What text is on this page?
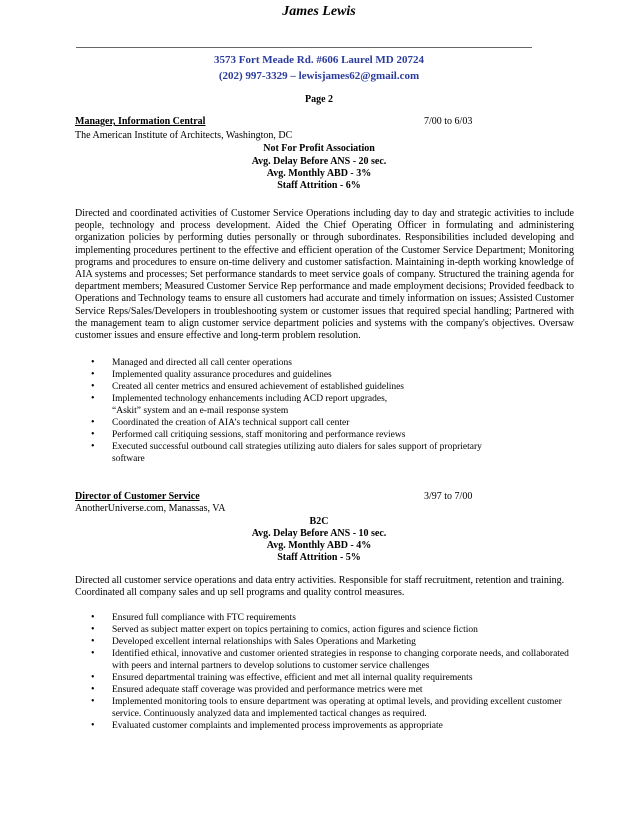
James Lewis
3573 Fort Meade Rd. #606 Laurel MD 20724
(202) 997-3329 – lewisjames62@gmail.com
Page 2
Manager, Information Central	7/00 to 6/03
The American Institute of Architects, Washington, DC
Not For Profit Association
Avg. Delay Before ANS - 20 sec.
Avg. Monthly ABD - 3%
Staff Attrition - 6%

Directed and coordinated activities of Customer Service Operations including day to day and strategic activities to include people, technology and process development. Aided the Chief Operating Officer in formulating and administering organization policies by performing duties personally or through subordinates. Responsibilities included developing and implementing procedures pertinent to the effective and efficient operation of the Customer Service Department; Monitoring programs and procedures to ensure on-time delivery and customer satisfaction. Maintaining in-depth working knowledge of AIA systems and processes; Set performance standards to meet service goals of company. Structured the training agenda for department members; Measured Customer Service Rep performance and made employment decisions; Provided feedback to Operations and Technology teams to ensure all customers had accurate and timely information on issues; Assisted Customer Service Reps/Sales/Developers in troubleshooting system or customer issues that required special handling; Partnered with the management team to align customer service department policies and systems with the company's objectives. Oversaw customer issues and ensure effective and long-term problem resolution.

• Managed and directed all call center operations
• Implemented quality assurance procedures and guidelines
• Created all center metrics and ensured achievement of established guidelines
• Implemented technology enhancements including ACD report upgrades, “Askit” system and an e-mail response system
• Coordinated the creation of AIA’s technical support call center
• Performed call critiquing sessions, staff monitoring and performance reviews
• Executed successful outbound call strategies utilizing auto dialers for sales support of proprietary software
Director of Customer Service	3/97 to 7/00
AnotherUniverse.com, Manassas, VA
B2C
Avg. Delay Before ANS - 10 sec.
Avg. Monthly ABD - 4%
Staff Attrition - 5%

Directed all customer service operations and data entry activities. Responsible for staff recruitment, retention and training. Coordinated all company sales and up sell programs and quality control measures.

• Ensured full compliance with FTC requirements
• Served as subject matter expert on topics pertaining to comics, action figures and science fiction
• Developed excellent internal relationships with Sales Operations and Marketing
• Identified ethical, innovative and customer oriented strategies in response to changing corporate needs, and collaborated with peers and internal partners to develop solutions to customer service challenges
• Ensured departmental training was effective, efficient and met all internal quality requirements
• Ensured adequate staff coverage was provided and performance metrics were met
• Implemented monitoring tools to ensure department was operating at optimal levels, and providing excellent customer service. Continuously analyzed data and implemented tactical changes as required.
• Evaluated customer complaints and implemented process improvements as appropriate
